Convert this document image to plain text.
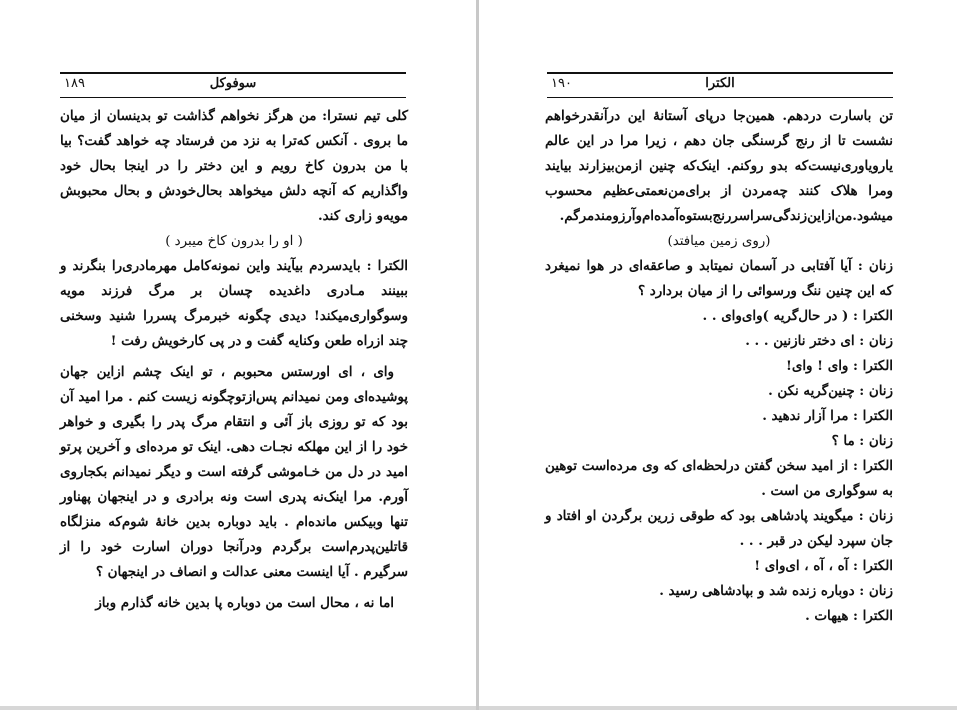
۱۸۹	سوفوکل

کلی تیم نسترا: من هرگز نخواهم گذاشت تو بدینسان از میان ما بروی . آنکس که‌ترا به نزد من فرستاد چه خواهد گفت؟ بیا با من بدرون کاخ رویم و این دختر را در اینجا بحال خود واگذاریم که آنچه دلش میخواهد بحال‌خودش و بحال محبوبش مویه‌و زاری کند.

( او را بدرون کاخ میبرد )

الکترا : بایدسردم بیآیند واین نمونه‌کامل مهرمادری‌را بنگرند و ببینند مـادری داغدیده چسان بر مرگ فرزند مویه وسوگواری‌میکند! دیدی چگونه خبرمرگ پسررا شنید وسخنی چند ازراه طعن وکنایه گفت و در پی کارخویش رفت !

وای ، ای اورستس محبوبم ، تو اینک چشم ازاین جهان پوشیده‌ای ومن نمیدانم پس‌ازتوچگونه زیست کنم . مرا امید آن بود که تو روزی باز آئی و انتقام مرگ پدر را بگیری و خواهر خود را از این مهلکه نجـات دهی. اینک تو مرده‌ای و آخرین پرتو امید در دل من خـاموشی گرفته است و دیگر نمیدانم بکجاروی آورم. مرا اینک‌نه پدری است ونه برادری و در اینجهان پهناور تنها وبیکس مانده‌ام . باید دوباره بدین خانهٔ شوم‌که منزلگاه قاتلین‌پدرم‌است برگردم ودرآنجا دوران اسارت خود را از سرگیرم . آیا اینست معنی عدالت و انصاف در اینجهان ؟

اما نه ، محال است من دوباره پا بدین خانه گذارم وباز

۱۹۰	الکترا

تن باسارت دردهم. همین‌جا درپای آستانهٔ این درآنقدرخواهم نشست تا از رنج گرسنگی جان دهم ، زیرا مرا در این عالم یارویاوری‌نیست‌که بدو روکنم. اینک‌که چنین ازمن‌بیزارند بیایند ومرا هلاک کنند چه‌مردن از برای‌من‌نعمتی‌عظیم محسوب میشود.من‌ازاین‌زندگی‌سراسررنج‌بستوه‌آمده‌ام‌وآرزومندمرگم.

(روی زمین میافتد)

زنان : آیا آفتابی در آسمان نمیتابد و صاعقه‌ای در هوا نمیغرد که این چنین ننگ ورسوائی را از میان بردارد ؟

الکترا : ( در حال‌گریه )وای‌وای . .

زنان : ای دختر نازنین . . .

الکترا : وای ! وای!

زنان : چنین‌گریه نکن .

الکترا : مرا آزار ندهید .

زنان : ما ؟

الکترا : از امید سخن گفتن درلحظه‌ای که وی مرده‌است توهین به سوگواری من است .

زنان : میگویند پادشاهی بود که طوقی زرین برگردن او افتاد و جان سپرد لیکن در قبر . . .

الکترا : آه ، آه ، ای‌وای !

زنان : دوباره زنده شد و بپادشاهی رسید .

الکترا : هیهات .
